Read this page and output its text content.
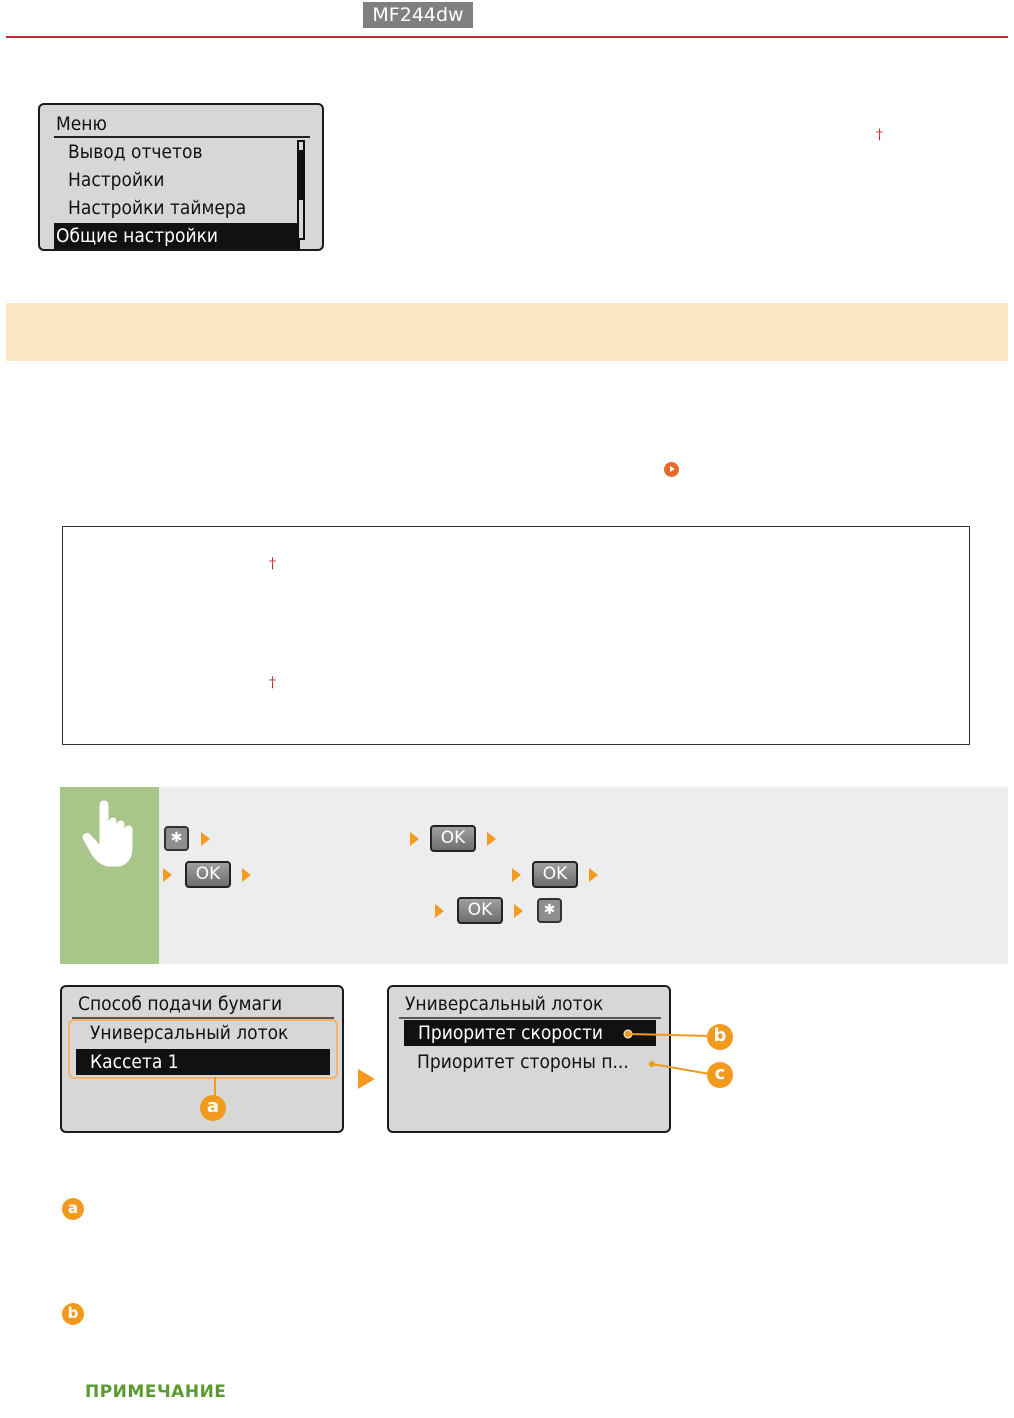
MF244dw
Меню
Вывод отчетов
Настройки
Настройки таймера
Общие настройки
†
†
†
✱	OK
OK	OK
OK	✱
Способ подачи бумаги
Универсальный лоток
Кассета 1
a
Универсальный лоток
Приоритет скорости
Приоритет стороны п...
b
c
a
b
ПРИМЕЧАНИЕ
